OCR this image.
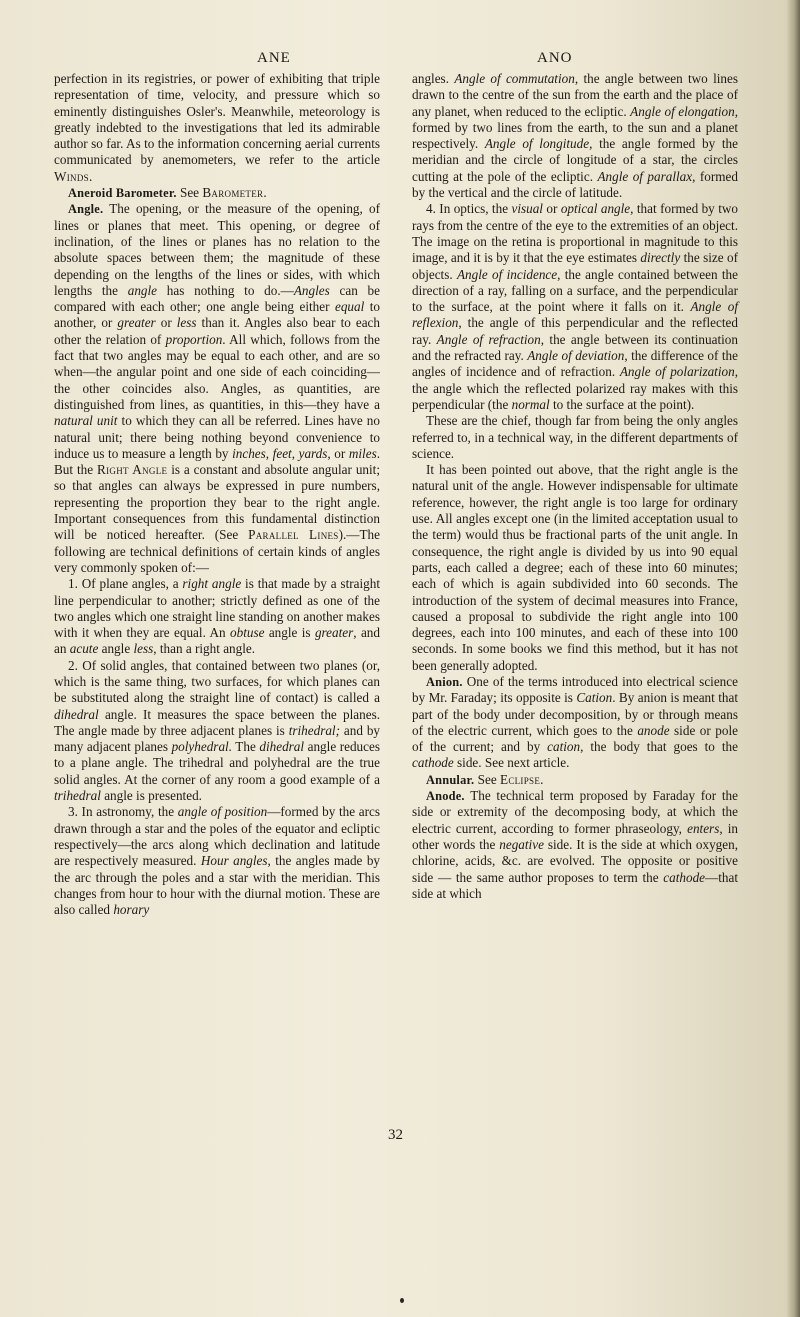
ANE	ANO

perfection in its registries, or power of exhibiting that triple representation of time, velocity, and pressure which so eminently distinguishes Osler's. Meanwhile, meteorology is greatly indebted to the investigations that led its admirable author so far. As to the information concerning aerial currents communicated by anemometers, we refer to the article Winds.

Aneroid Barometer. See Barometer.

Angle. The opening, or the measure of the opening, of lines or planes that meet. This opening, or degree of inclination, of the lines or planes has no relation to the absolute spaces between them; the magnitude of these depending on the lengths of the lines or sides, with which lengths the angle has nothing to do.—Angles can be compared with each other; one angle being either equal to another, or greater or less than it. Angles also bear to each other the relation of proportion. All which, follows from the fact that two angles may be equal to each other, and are so when—the angular point and one side of each coinciding—the other coincides also. Angles, as quantities, are distinguished from lines, as quantities, in this—they have a natural unit to which they can all be referred. Lines have no natural unit; there being nothing beyond convenience to induce us to measure a length by inches, feet, yards, or miles. But the Right Angle is a constant and absolute angular unit; so that angles can always be expressed in pure numbers, representing the proportion they bear to the right angle. Important consequences from this fundamental distinction will be noticed hereafter. (See Parallel Lines).—The following are technical definitions of certain kinds of angles very commonly spoken of:—

1. Of plane angles, a right angle is that made by a straight line perpendicular to another; strictly defined as one of the two angles which one straight line standing on another makes with it when they are equal. An obtuse angle is greater, and an acute angle less, than a right angle.

2. Of solid angles, that contained between two planes (or, which is the same thing, two surfaces, for which planes can be substituted along the straight line of contact) is called a dihedral angle. It measures the space between the planes. The angle made by three adjacent planes is trihedral; and by many adjacent planes polyhedral. The dihedral angle reduces to a plane angle. The trihedral and polyhedral are the true solid angles. At the corner of any room a good example of a trihedral angle is presented.

3. In astronomy, the angle of position—formed by the arcs drawn through a star and the poles of the equator and ecliptic respectively—the arcs along which declination and latitude are respectively measured. Hour angles, the angles made by the arc through the poles and a star with the meridian. This changes from hour to hour with the diurnal motion. These are also called horary

angles. Angle of commutation, the angle between two lines drawn to the centre of the sun from the earth and the place of any planet, when reduced to the ecliptic. Angle of elongation, formed by two lines from the earth, to the sun and a planet respectively. Angle of longitude, the angle formed by the meridian and the circle of longitude of a star, the circles cutting at the pole of the ecliptic. Angle of parallax, formed by the vertical and the circle of latitude.

4. In optics, the visual or optical angle, that formed by two rays from the centre of the eye to the extremities of an object. The image on the retina is proportional in magnitude to this image, and it is by it that the eye estimates directly the size of objects. Angle of incidence, the angle contained between the direction of a ray, falling on a surface, and the perpendicular to the surface, at the point where it falls on it. Angle of reflexion, the angle of this perpendicular and the reflected ray. Angle of refraction, the angle between its continuation and the refracted ray. Angle of deviation, the difference of the angles of incidence and of refraction. Angle of polarization, the angle which the reflected polarized ray makes with this perpendicular (the normal to the surface at the point).

These are the chief, though far from being the only angles referred to, in a technical way, in the different departments of science.

It has been pointed out above, that the right angle is the natural unit of the angle. However indispensable for ultimate reference, however, the right angle is too large for ordinary use. All angles except one (in the limited acceptation usual to the term) would thus be fractional parts of the unit angle. In consequence, the right angle is divided by us into 90 equal parts, each called a degree; each of these into 60 minutes; each of which is again subdivided into 60 seconds. The introduction of the system of decimal measures into France, caused a proposal to subdivide the right angle into 100 degrees, each into 100 minutes, and each of these into 100 seconds. In some books we find this method, but it has not been generally adopted.

Anion. One of the terms introduced into electrical science by Mr. Faraday; its opposite is Cation. By anion is meant that part of the body under decomposition, by or through means of the electric current, which goes to the anode side or pole of the current; and by cation, the body that goes to the cathode side. See next article.

Annular. See Eclipse.

Anode. The technical term proposed by Faraday for the side or extremity of the decomposing body, at which the electric current, according to former phraseology, enters, in other words the negative side. It is the side at which oxygen, chlorine, acids, &c. are evolved. The opposite or positive side — the same author proposes to term the cathode—that side at which

32
